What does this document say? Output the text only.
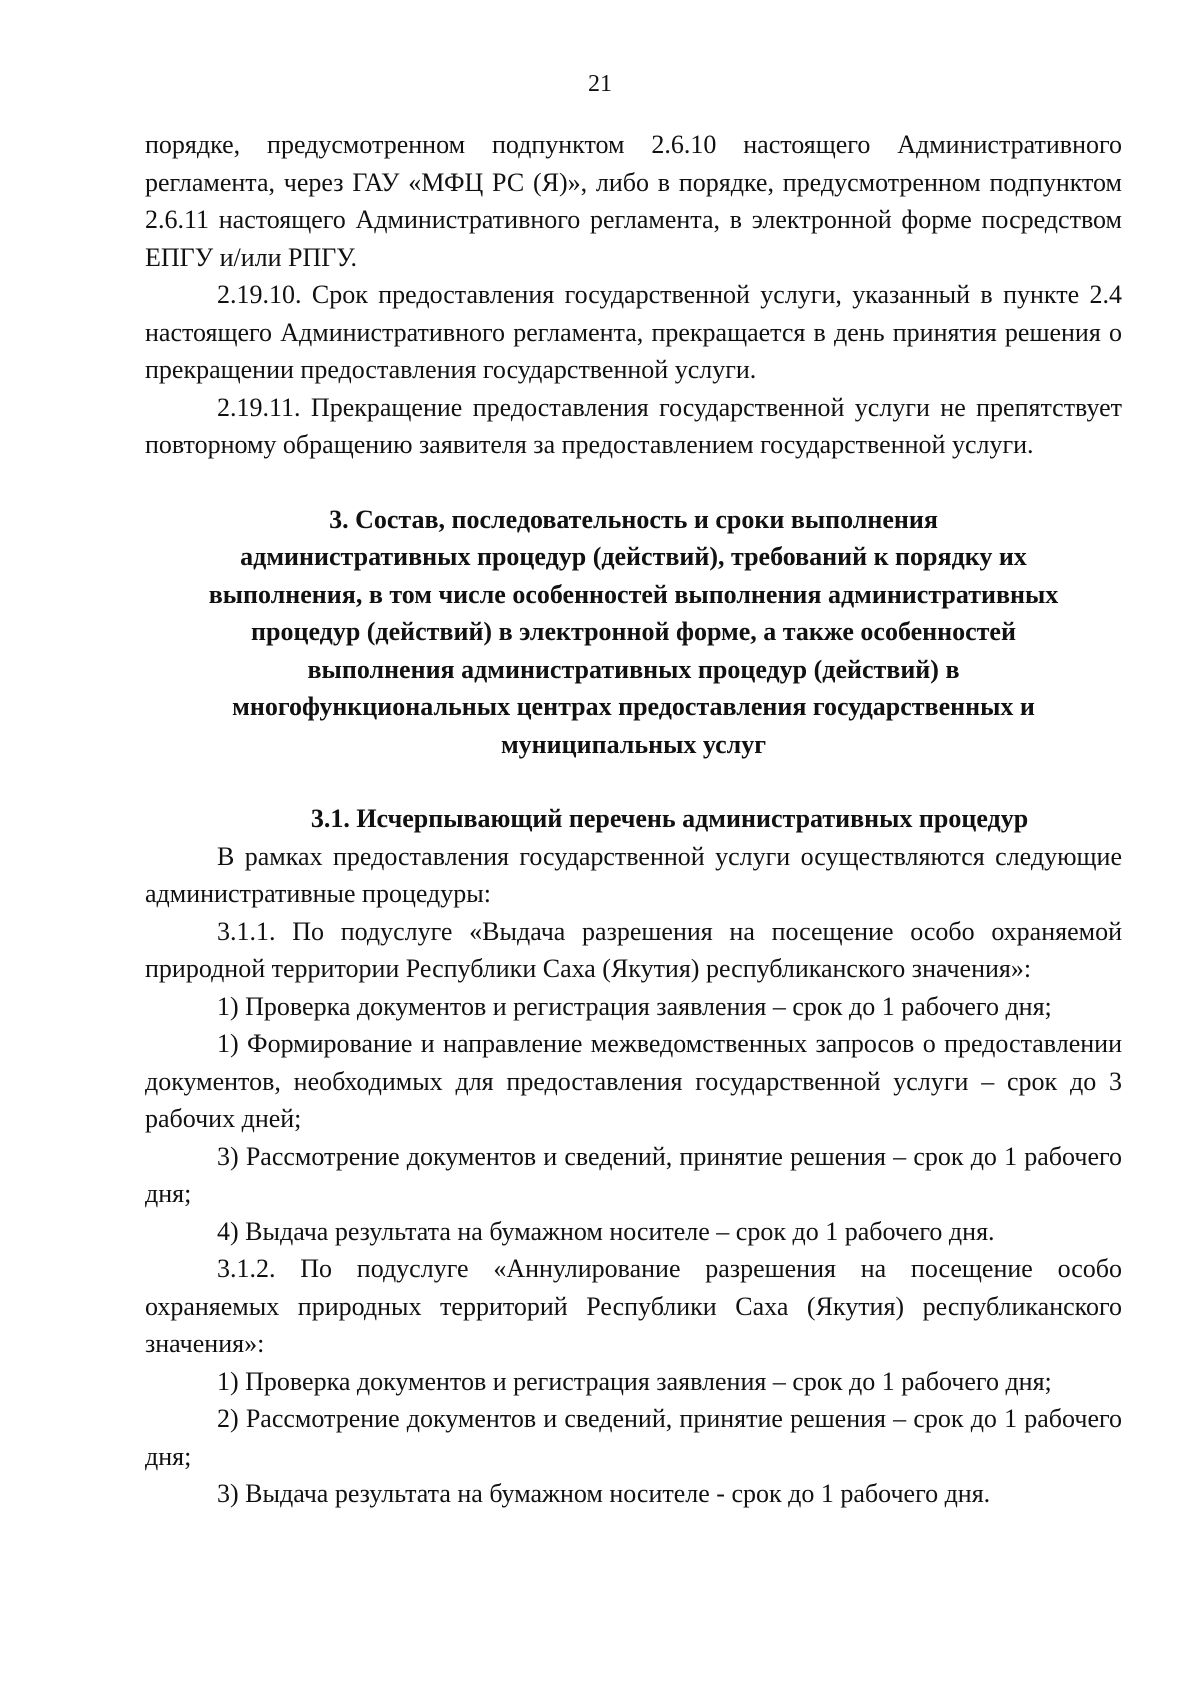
21

порядке, предусмотренном подпунктом 2.6.10 настоящего Административного регламента, через ГАУ «МФЦ РС (Я)», либо в порядке, предусмотренном подпунктом 2.6.11 настоящего Административного регламента, в электронной форме посредством ЕПГУ и/или РПГУ.

2.19.10. Срок предоставления государственной услуги, указанный в пункте 2.4 настоящего Административного регламента, прекращается в день принятия решения о прекращении предоставления государственной услуги.

2.19.11. Прекращение предоставления государственной услуги не препятствует повторному обращению заявителя за предоставлением государственной услуги.

3. Состав, последовательность и сроки выполнения
административных процедур (действий), требований к порядку их
выполнения, в том числе особенностей выполнения административных
процедур (действий) в электронной форме, а также особенностей
выполнения административных процедур (действий) в
многофункциональных центрах предоставления государственных и
муниципальных услуг

3.1. Исчерпывающий перечень административных процедур

В рамках предоставления государственной услуги осуществляются следующие административные процедуры:

3.1.1. По подуслуге «Выдача разрешения на посещение особо охраняемой природной территории Республики Саха (Якутия) республиканского значения»:

1) Проверка документов и регистрация заявления – срок до 1 рабочего дня;

1) Формирование и направление межведомственных запросов о предоставлении документов, необходимых для предоставления государственной услуги – срок до 3 рабочих дней;

3) Рассмотрение документов и сведений, принятие решения – срок до 1 рабочего дня;

4) Выдача результата на бумажном носителе – срок до 1 рабочего дня.

3.1.2. По подуслуге «Аннулирование разрешения на посещение особо охраняемых природных территорий Республики Саха (Якутия) республиканского значения»:

1) Проверка документов и регистрация заявления – срок до 1 рабочего дня;

2) Рассмотрение документов и сведений, принятие решения – срок до 1 рабочего дня;

3) Выдача результата на бумажном носителе - срок до 1 рабочего дня.
